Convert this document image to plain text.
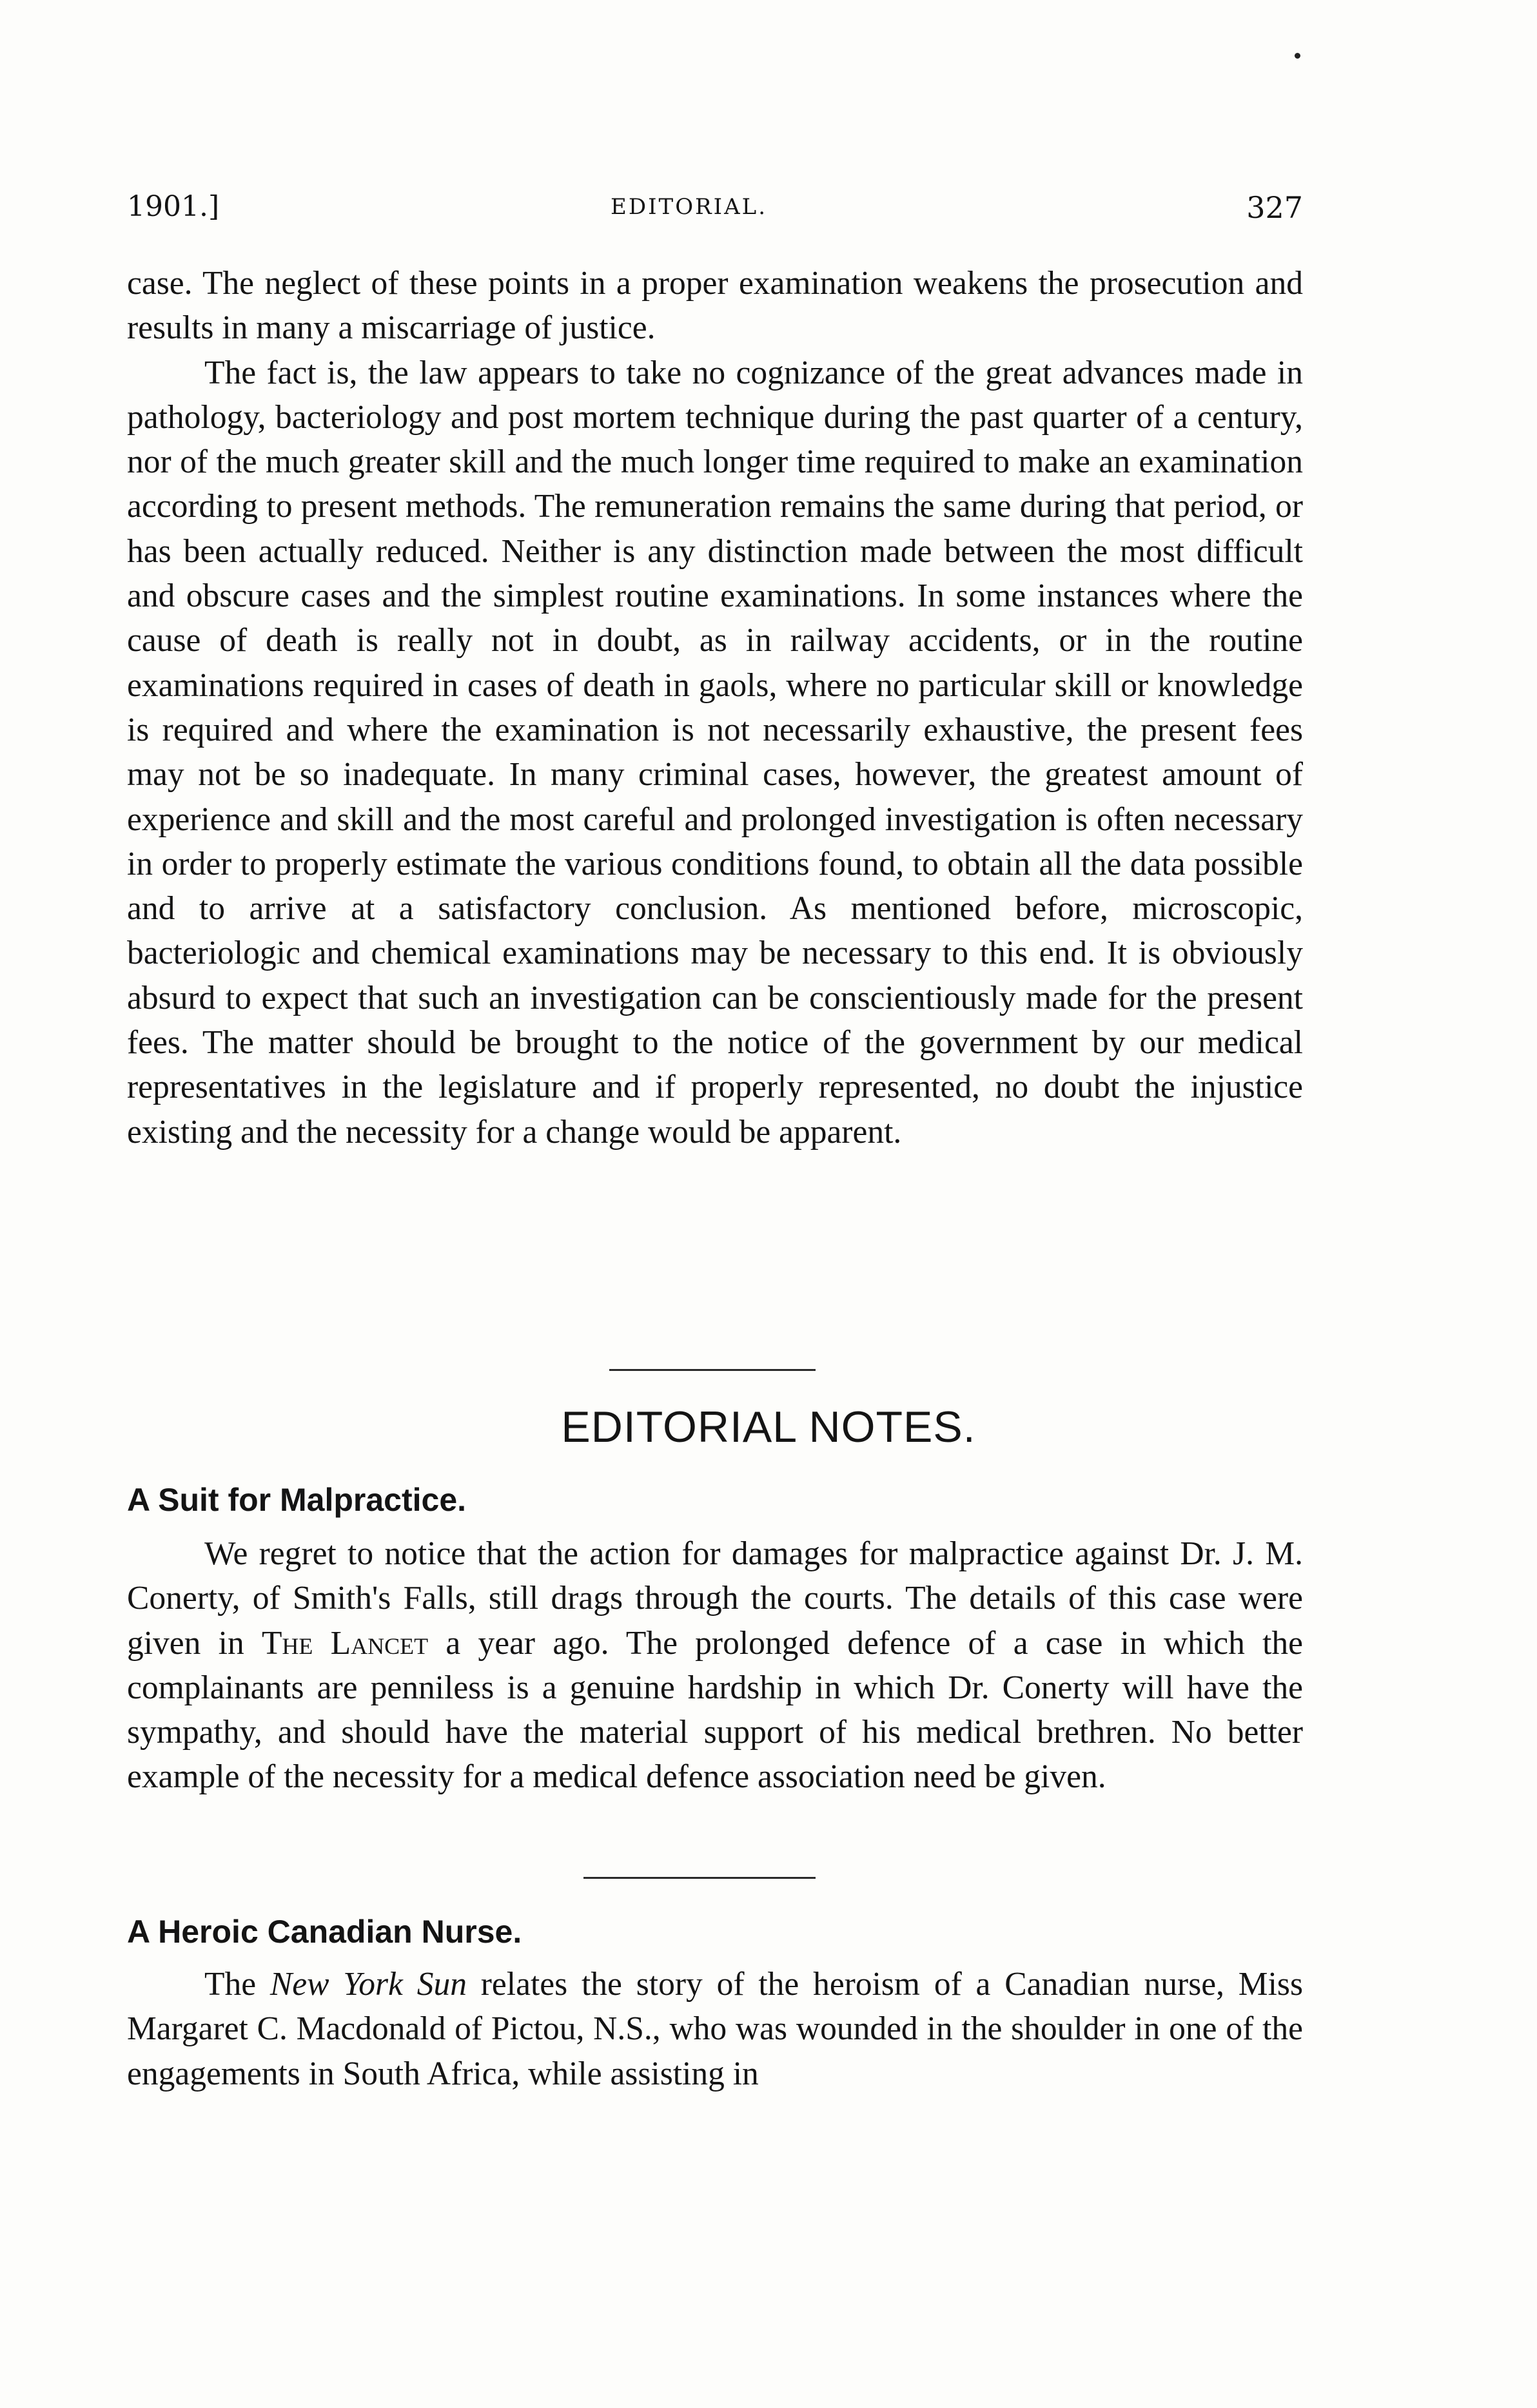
1901.]	EDITORIAL.	327

case. The neglect of these points in a proper examination weakens the prosecution and results in many a miscarriage of justice.

The fact is, the law appears to take no cognizance of the great advances made in pathology, bacteriology and post mortem technique during the past quarter of a century, nor of the much greater skill and the much longer time required to make an examination according to present methods. The remuneration remains the same during that period, or has been actually reduced. Neither is any distinction made between the most difficult and obscure cases and the simplest routine examinations. In some instances where the cause of death is really not in doubt, as in railway accidents, or in the routine examinations required in cases of death in gaols, where no particular skill or knowledge is required and where the examination is not necessarily exhaustive, the present fees may not be so inadequate. In many criminal cases, however, the greatest amount of experience and skill and the most careful and prolonged investigation is often necessary in order to properly estimate the various conditions found, to obtain all the data possible and to arrive at a satisfactory conclusion. As mentioned before, microscopic, bacteriologic and chemical examinations may be necessary to this end. It is obviously absurd to expect that such an investigation can be conscientiously made for the present fees. The matter should be brought to the notice of the government by our medical representatives in the legislature and if properly represented, no doubt the injustice existing and the necessity for a change would be apparent.

EDITORIAL NOTES.
A Suit for Malpractice.

We regret to notice that the action for damages for malpractice against Dr. J. M. Conerty, of Smith's Falls, still drags through the courts. The details of this case were given in The Lancet a year ago. The prolonged defence of a case in which the complainants are penniless is a genuine hardship in which Dr. Conerty will have the sympathy, and should have the material support of his medical brethren. No better example of the necessity for a medical defence association need be given.

A Heroic Canadian Nurse.

The New York Sun relates the story of the heroism of a Canadian nurse, Miss Margaret C. Macdonald of Pictou, N.S., who was wounded in the shoulder in one of the engagements in South Africa, while assisting in
